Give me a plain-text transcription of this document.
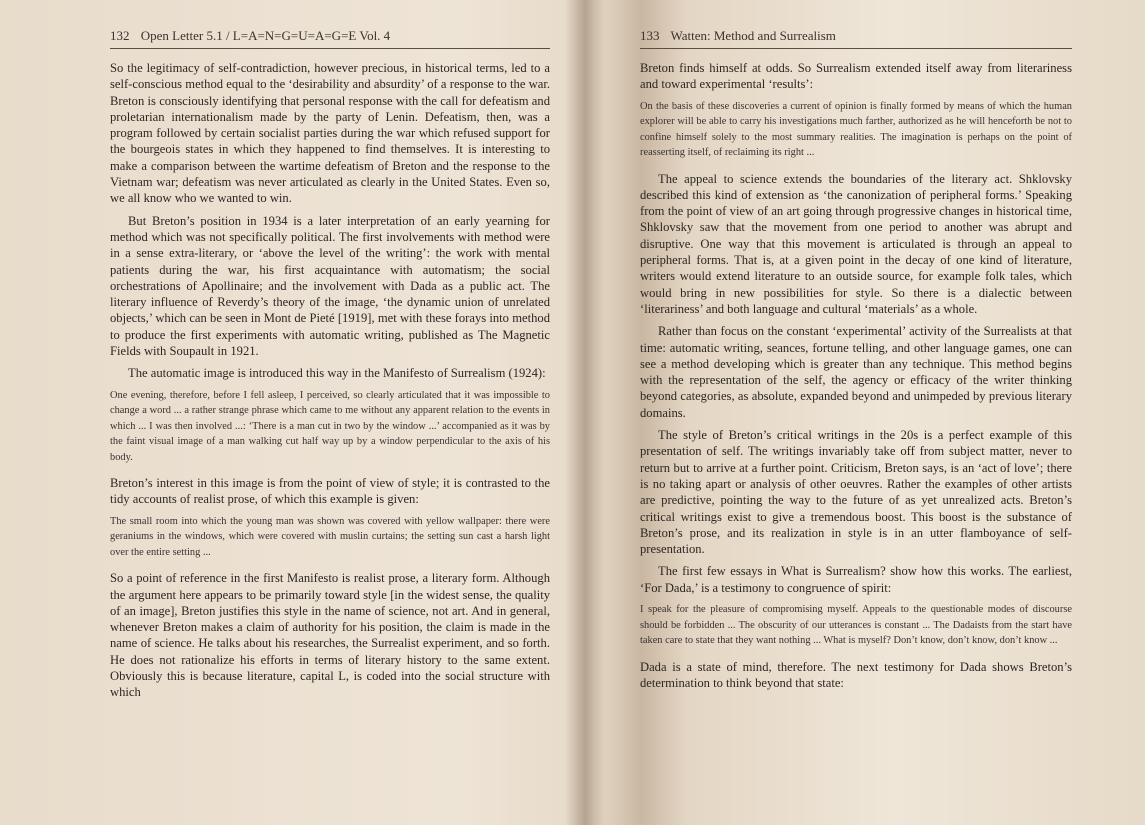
132 Open Letter 5.1 / L=A=N=G=U=A=G=E Vol. 4

So the legitimacy of self-contradiction, however precious, in historical terms, led to a self-conscious method equal to the ‘desirability and absurdity’ of a response to the war. Breton is consciously identifying that personal response with the call for defeatism and proletarian internationalism made by the party of Lenin. Defeatism, then, was a program followed by certain socialist parties during the war which refused support for the bourgeois states in which they happened to find themselves. It is interesting to make a comparison between the wartime defeatism of Breton and the response to the Vietnam war; defeatism was never articulated as clearly in the United States. Even so, we all know who we wanted to win.

But Breton’s position in 1934 is a later interpretation of an early yearning for method which was not specifically political. The first involvements with method were in a sense extra-literary, or ‘above the level of the writing’: the work with mental patients during the war, his first acquaintance with automatism; the social orchestrations of Apollinaire; and the involvement with Dada as a public act. The literary influence of Reverdy’s theory of the image, ‘the dynamic union of unrelated objects,’ which can be seen in Mont de Pieté [1919], met with these forays into method to produce the first experiments with automatic writing, published as The Magnetic Fields with Soupault in 1921.

The automatic image is introduced this way in the Manifesto of Surrealism (1924):

One evening, therefore, before I fell asleep, I perceived, so clearly articulated that it was impossible to change a word ... a rather strange phrase which came to me without any apparent relation to the events in which ... I was then involved ...: ‘There is a man cut in two by the window ...’ accompanied as it was by the faint visual image of a man walking cut half way up by a window perpendicular to the axis of his body.

Breton’s interest in this image is from the point of view of style; it is contrasted to the tidy accounts of realist prose, of which this example is given:

The small room into which the young man was shown was covered with yellow wallpaper: there were geraniums in the windows, which were covered with muslin curtains; the setting sun cast a harsh light over the entire setting ...

So a point of reference in the first Manifesto is realist prose, a literary form. Although the argument here appears to be primarily toward style [in the widest sense, the quality of an image], Breton justifies this style in the name of science, not art. And in general, whenever Breton makes a claim of authority for his position, the claim is made in the name of science. He talks about his researches, the Surrealist experiment, and so forth. He does not rationalize his efforts in terms of literary history to the same extent. Obviously this is because literature, capital L, is coded into the social structure with which

133 Watten: Method and Surrealism

Breton finds himself at odds. So Surrealism extended itself away from literariness and toward experimental ‘results’:

On the basis of these discoveries a current of opinion is finally formed by means of which the human explorer will be able to carry his investigations much farther, authorized as he will henceforth be not to confine himself solely to the most summary realities. The imagination is perhaps on the point of reasserting itself, of reclaiming its right ...

The appeal to science extends the boundaries of the literary act. Shklovsky described this kind of extension as ‘the canonization of peripheral forms.’ Speaking from the point of view of an art going through progressive changes in historical time, Shklovsky saw that the movement from one period to another was abrupt and disruptive. One way that this movement is articulated is through an appeal to peripheral forms. That is, at a given point in the decay of one kind of literature, writers would extend literature to an outside source, for example folk tales, which would bring in new possibilities for style. So there is a dialectic between ‘literariness’ and both language and cultural ‘materials’ as a whole.

Rather than focus on the constant ‘experimental’ activity of the Surrealists at that time: automatic writing, seances, fortune telling, and other language games, one can see a method developing which is greater than any technique. This method begins with the representation of the self, the agency or efficacy of the writer thinking beyond categories, as absolute, expanded beyond and unimpeded by previous literary domains.

The style of Breton’s critical writings in the 20s is a perfect example of this presentation of self. The writings invariably take off from subject matter, never to return but to arrive at a further point. Criticism, Breton says, is an ‘act of love’; there is no taking apart or analysis of other oeuvres. Rather the examples of other artists are predictive, pointing the way to the future of as yet unrealized acts. Breton’s critical writings exist to give a tremendous boost. This boost is the substance of Breton’s prose, and its realization in style is in an utter flamboyance of self-presentation.

The first few essays in What is Surrealism? show how this works. The earliest, ‘For Dada,’ is a testimony to congruence of spirit:

I speak for the pleasure of compromising myself. Appeals to the questionable modes of discourse should be forbidden ... The obscurity of our utterances is constant ... The Dadaists from the start have taken care to state that they want nothing ... What is myself? Don’t know, don’t know, don’t know ...

Dada is a state of mind, therefore. The next testimony for Dada shows Breton’s determination to think beyond that state:
